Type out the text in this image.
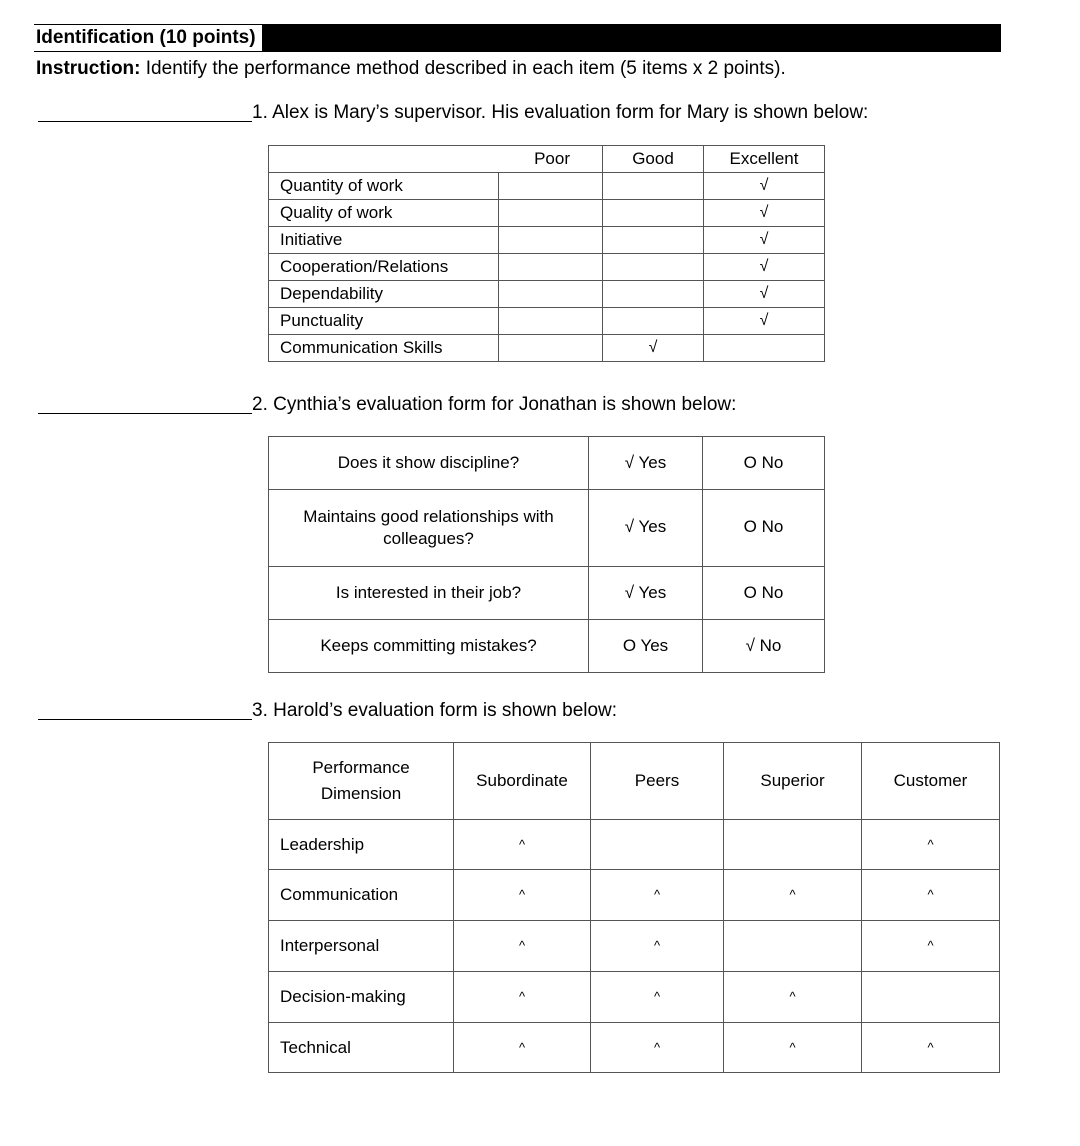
Identification (10 points)
Instruction: Identify the performance method described in each item (5 items x 2 points).
1. Alex is Mary’s supervisor. His evaluation form for Mary is shown below:
	Poor	Good	Excellent
Quantity of work			√
Quality of work			√
Initiative			√
Cooperation/Relations			√
Dependability			√
Punctuality			√
Communication Skills		√	
2. Cynthia’s evaluation form for Jonathan is shown below:
Does it show discipline?	√ Yes	O No
Maintains good relationships with colleagues?	√ Yes	O No
Is interested in their job?	√ Yes	O No
Keeps committing mistakes?	O Yes	√ No
3. Harold’s evaluation form is shown below:
Performance
Dimension	Subordinate	Peers	Superior	Customer
Leadership	^			^
Communication	^	^	^	^
Interpersonal	^	^		^
Decision-making	^	^	^	
Technical	^	^	^	^
